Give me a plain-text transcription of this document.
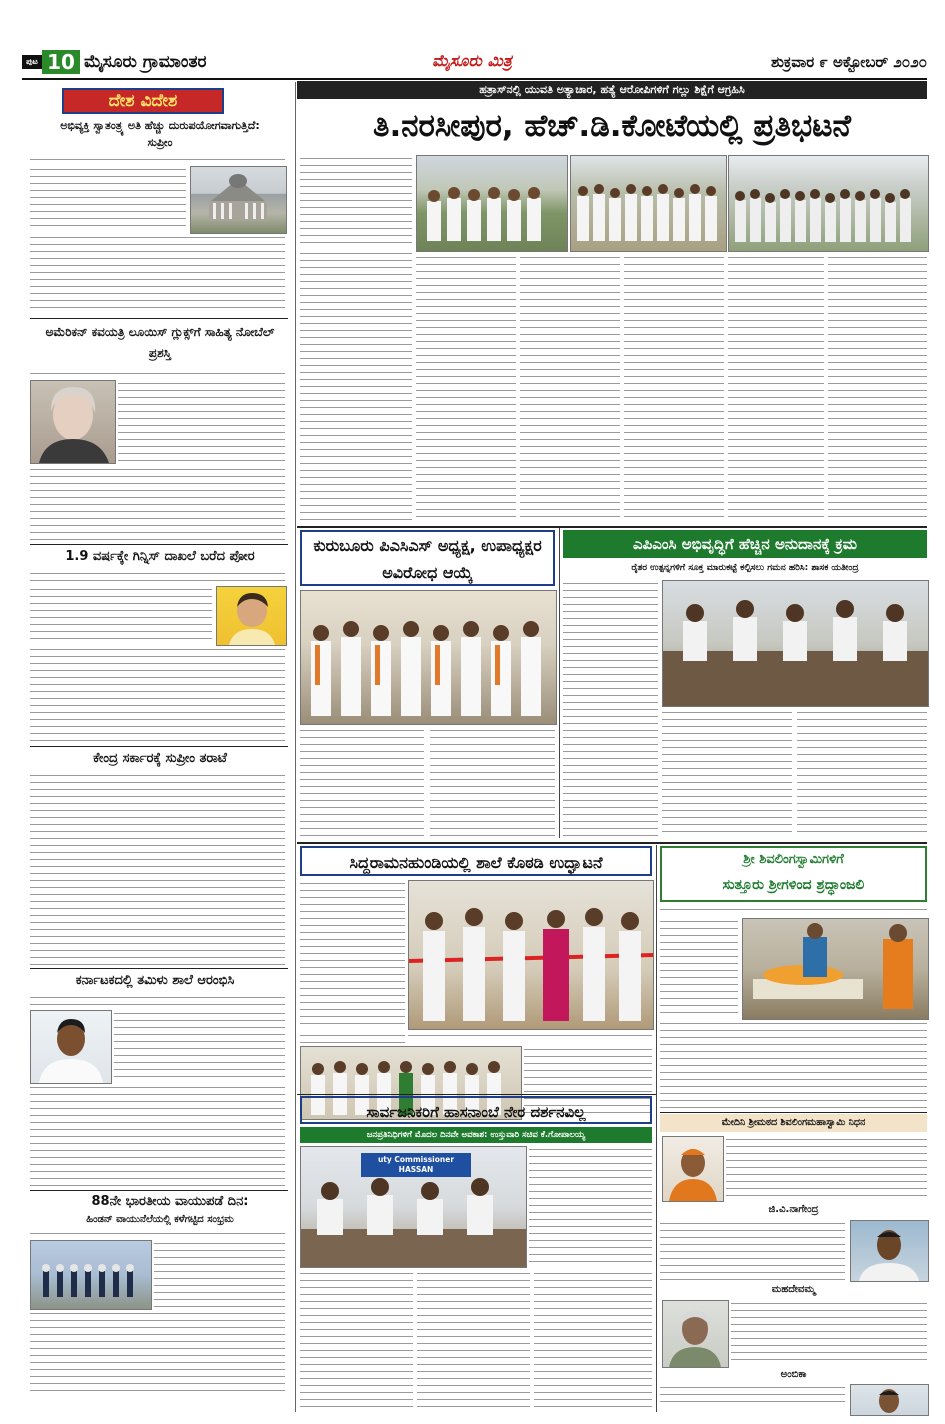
ಪುಟ 10 ಮೈಸೂರು ಗ್ರಾಮಾಂತರ	ಮೈಸೂರು ಮಿತ್ರ	ಶುಕ್ರವಾರ ೯ ಅಕ್ಟೋಬರ್ ೨೦೨೦
ದೇಶ ವಿದೇಶ
ಅಭಿವ್ಯಕ್ತಿ ಸ್ವಾತಂತ್ರ್ಯ ಅತಿ ಹೆಚ್ಚು ದುರುಪಯೋಗವಾಗುತ್ತಿದೆ: ಸುಪ್ರೀಂ
ಅಮೆರಿಕನ್ ಕವಯತ್ರಿ ಲೂಯಿಸ್ ಗ್ಲುಕ್ಸ್‌ಗೆ ಸಾಹಿತ್ಯ ನೋಬೆಲ್ ಪ್ರಶಸ್ತಿ
1.9 ವರ್ಷಕ್ಕೇ ಗಿನ್ನಿಸ್ ದಾಖಲೆ ಬರೆದ ಪೋರ
ಕೇಂದ್ರ ಸರ್ಕಾರಕ್ಕೆ ಸುಪ್ರೀಂ ತರಾಟೆ
ಕರ್ನಾಟಕದಲ್ಲಿ ತಮಿಳು ಶಾಲೆ ಆರಂಭಿಸಿ
88ನೇ ಭಾರತೀಯ ವಾಯುಪಡೆ ದಿನ:
ಹಿಂಡನ್ ವಾಯುನೆಲೆಯಲ್ಲಿ ಕಳೆಗಟ್ಟಿದ ಸಂಭ್ರಮ
ಹತ್ರಾಸ್‌ನಲ್ಲಿ ಯುವತಿ ಅತ್ಯಾಚಾರ, ಹತ್ಯೆ ಆರೋಪಿಗಳಿಗೆ ಗಲ್ಲು ಶಿಕ್ಷೆಗೆ ಆಗ್ರಹಿಸಿ
ತಿ.ನರಸೀಪುರ, ಹೆಚ್.ಡಿ.ಕೋಟೆಯಲ್ಲಿ ಪ್ರತಿಭಟನೆ
ಕುರುಬೂರು ಪಿಎಸಿಎಸ್ ಅಧ್ಯಕ್ಷ, ಉಪಾಧ್ಯಕ್ಷರ ಅವಿರೋಧ ಆಯ್ಕೆ
ಎಪಿಎಂಸಿ ಅಭಿವೃದ್ಧಿಗೆ ಹೆಚ್ಚಿನ ಅನುದಾನಕ್ಕೆ ಕ್ರಮ
ರೈತರ ಉತ್ಪನ್ನಗಳಿಗೆ ಸೂಕ್ತ ಮಾರುಕಟ್ಟೆ ಕಲ್ಪಿಸಲು ಗಮನ ಹರಿಸಿ: ಶಾಸಕ ಯತೀಂದ್ರ
ಸಿದ್ದರಾಮನಹುಂಡಿಯಲ್ಲಿ ಶಾಲೆ ಕೊಠಡಿ ಉದ್ಘಾಟನೆ	ಶ್ರೀ ಶಿವಲಿಂಗಸ್ವಾಮಿಗಳಿಗೆ
ಸುತ್ತೂರು ಶ್ರೀಗಳಿಂದ ಶ್ರದ್ಧಾಂಜಲಿ
ಮೇದಿನಿ ಶ್ರೀಮಠದ ಶಿವಲಿಂಗಮಹಾಸ್ವಾಮಿ ನಿಧನ
ಜಿ.ವಿ.ನಾಗೇಂದ್ರ
ಮಹದೇವಮ್ಮ
ಅಂಬಿಕಾ
ಸಾರ್ವಜನಿಕರಿಗೆ ಹಾಸನಾಂಬೆ ನೇರ ದರ್ಶನವಿಲ್ಲ
ಜನಪ್ರತಿನಿಧಿಗಳಿಗೆ ಮೊದಲ ದಿನವೇ ಅವಕಾಶ: ಉಸ್ತುವಾರಿ ಸಚಿವ ಕೆ.ಗೋಪಾಲಯ್ಯ
uty Commissioner HASSAN
